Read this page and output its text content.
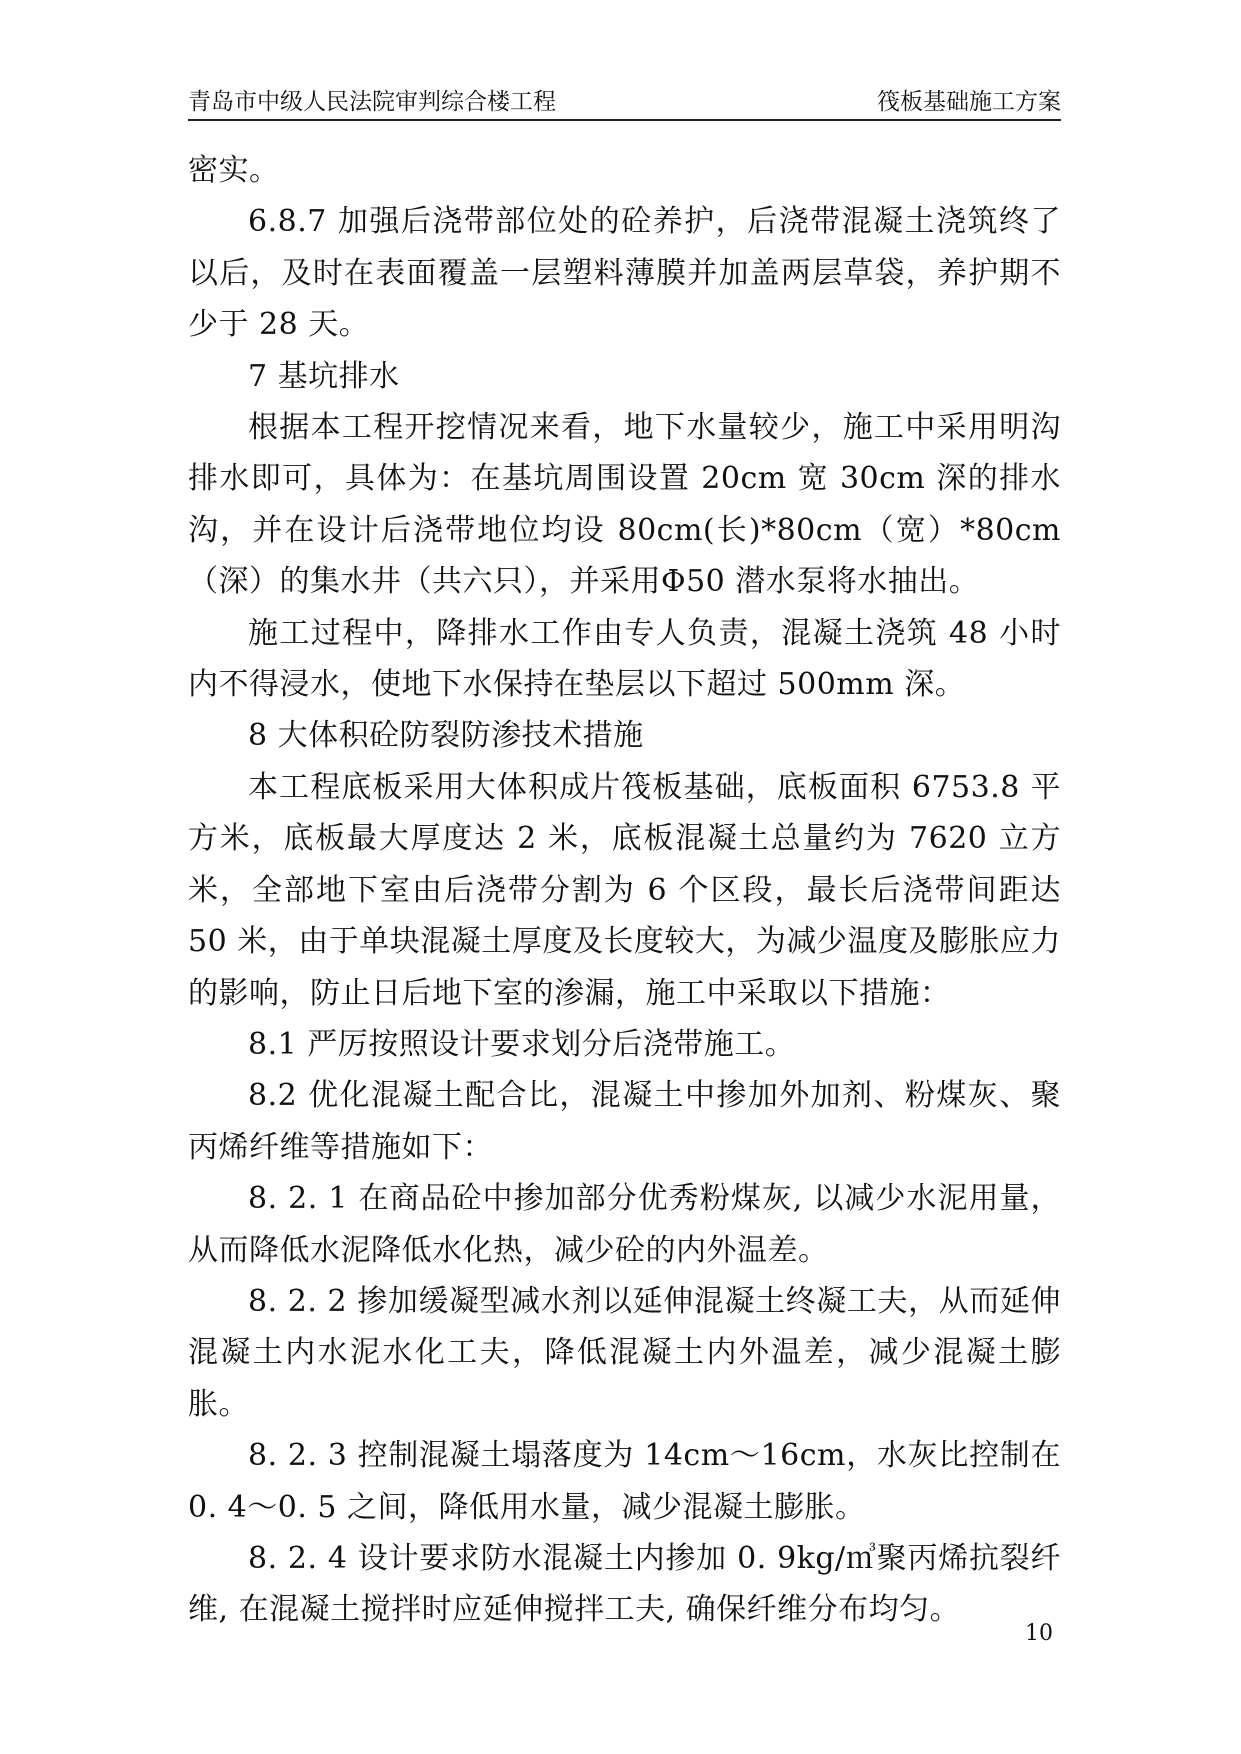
青岛市中级人民法院审判综合楼工程	筏板基础施工方案

密实。

6.8.7 加强后浇带部位处的砼养护，后浇带混凝土浇筑终了以后，及时在表面覆盖一层塑料薄膜并加盖两层草袋，养护期不少于 28 天。

7 基坑排水

根据本工程开挖情况来看，地下水量较少，施工中采用明沟排水即可，具体为：在基坑周围设置 20cm 宽 30cm 深的排水沟，并在设计后浇带地位均设 80cm(长)*80cm（宽）*80cm（深）的集水井（共六只），并采用Φ50 潜水泵将水抽出。

施工过程中，降排水工作由专人负责，混凝土浇筑 48 小时内不得浸水，使地下水保持在垫层以下超过 500mm 深。

8 大体积砼防裂防渗技术措施

本工程底板采用大体积成片筏板基础，底板面积 6753.8 平方米，底板最大厚度达 2 米，底板混凝土总量约为 7620 立方米，全部地下室由后浇带分割为 6 个区段，最长后浇带间距达 50 米，由于单块混凝土厚度及长度较大，为减少温度及膨胀应力的影响，防止日后地下室的渗漏，施工中采取以下措施：

8.1 严厉按照设计要求划分后浇带施工。

8.2 优化混凝土配合比，混凝土中掺加外加剂、粉煤灰、聚丙烯纤维等措施如下：

8. 2. 1 在商品砼中掺加部分优秀粉煤灰, 以减少水泥用量，从而降低水泥降低水化热，减少砼的内外温差。

8. 2. 2 掺加缓凝型减水剂以延伸混凝土终凝工夫，从而延伸混凝土内水泥水化工夫，降低混凝土内外温差，减少混凝土膨胀。

8. 2. 3 控制混凝土塌落度为 14cm～16cm，水灰比控制在 0. 4～0. 5 之间，降低用水量，减少混凝土膨胀。

8. 2. 4 设计要求防水混凝土内掺加 0. 9kg/㎥聚丙烯抗裂纤维, 在混凝土搅拌时应延伸搅拌工夫, 确保纤维分布均匀。

10
